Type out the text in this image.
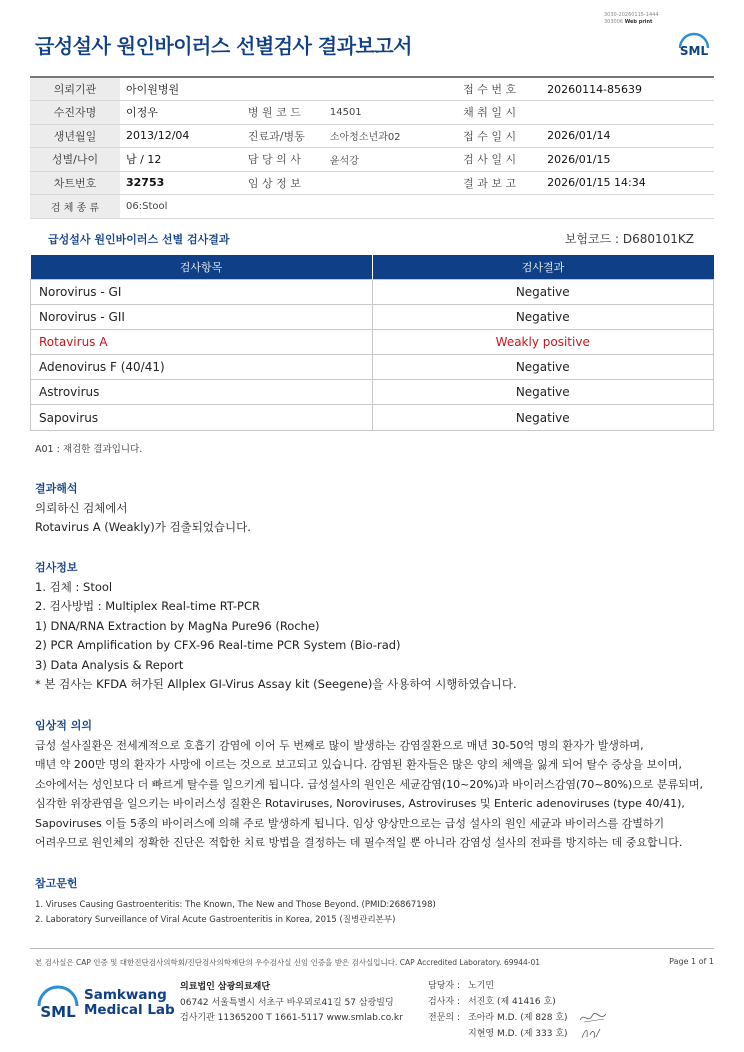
급성설사 원인바이러스 선별검사 결과보고서
3030-20260115-1444
303006 Web print
SML
의뢰기관	아이원병원			접 수 번 호	20260114-85639
수진자명	이정우	병 원 코 드	14501	채 취 일 시	
생년월일	2013/12/04	진료과/병동	소아청소년과02	접 수 일 시	2026/01/14
성별/나이	남 / 12	담 당 의 사	윤석강	검 사 일 시	2026/01/15
차트번호	32753	임 상 정 보		결 과 보 고	2026/01/15 14:34
검 체 종 류	06:Stool				
급성설사 원인바이러스 선별 검사결과	보험코드 : D680101KZ
검사항목	검사결과
Norovirus - GI	Negative
Norovirus - GII	Negative
Rotavirus A	Weakly positive
Adenovirus F (40/41)	Negative
Astrovirus	Negative
Sapovirus	Negative
A01 : 재검한 결과입니다.
결과해석
의뢰하신 검체에서
Rotavirus A (Weakly)가 검출되었습니다.
검사정보
1. 검체 : Stool
2. 검사방법 : Multiplex Real-time RT-PCR
1) DNA/RNA Extraction by MagNa Pure96 (Roche)
2) PCR Amplification by CFX-96 Real-time PCR System (Bio-rad)
3) Data Analysis & Report
* 본 검사는 KFDA 허가된 Allplex GI-Virus Assay kit (Seegene)을 사용하여 시행하였습니다.
임상적 의의
급성 설사질환은 전세계적으로 호흡기 감염에 이어 두 번째로 많이 발생하는 감염질환으로 매년 30-50억 명의 환자가 발생하며,
매년 약 200만 명의 환자가 사망에 이르는 것으로 보고되고 있습니다. 감염된 환자들은 많은 양의 체액을 잃게 되어 탈수 증상을 보이며,
소아에서는 성인보다 더 빠르게 탈수를 일으키게 됩니다. 급성설사의 원인은 세균감염(10~20%)과 바이러스감염(70~80%)으로 분류되며,
심각한 위장관염을 일으키는 바이러스성 질환은 Rotaviruses, Noroviruses, Astroviruses 및 Enteric adenoviruses (type 40/41),
Sapoviruses 이들 5종의 바이러스에 의해 주로 발생하게 됩니다. 임상 양상만으로는 급성 설사의 원인 세균과 바이러스를 감별하기
어려우므로 원인체의 정확한 진단은 적합한 치료 방법을 결정하는 데 필수적일 뿐 아니라 감염성 설사의 전파를 방지하는 데 중요합니다.
참고문헌
1. Viruses Causing Gastroenteritis: The Known, The New and Those Beyond. (PMID:26867198)
2. Laboratory Surveillance of Viral Acute Gastroenteritis in Korea, 2015 (질병관리본부)
본 검사실은 CAP 인증 및 대한진단검사의학회/진단검사의학재단의 우수검사실 신임 인증을 받은 검사실입니다. CAP Accredited Laboratory. 69944-01	Page 1 of 1
SML
Samkwang
Medical Lab
의료법인 삼광의료재단
06742 서울특별시 서초구 바우뫼로41길 57 삼광빌딩
검사기관 11365200 T 1661-5117 www.smlab.co.kr
담당자 : 노기민
검사자 : 서진호 (제 41416 호)
전문의 : 조아라 M.D. (제 828 호)
지현영 M.D. (제 333 호)
